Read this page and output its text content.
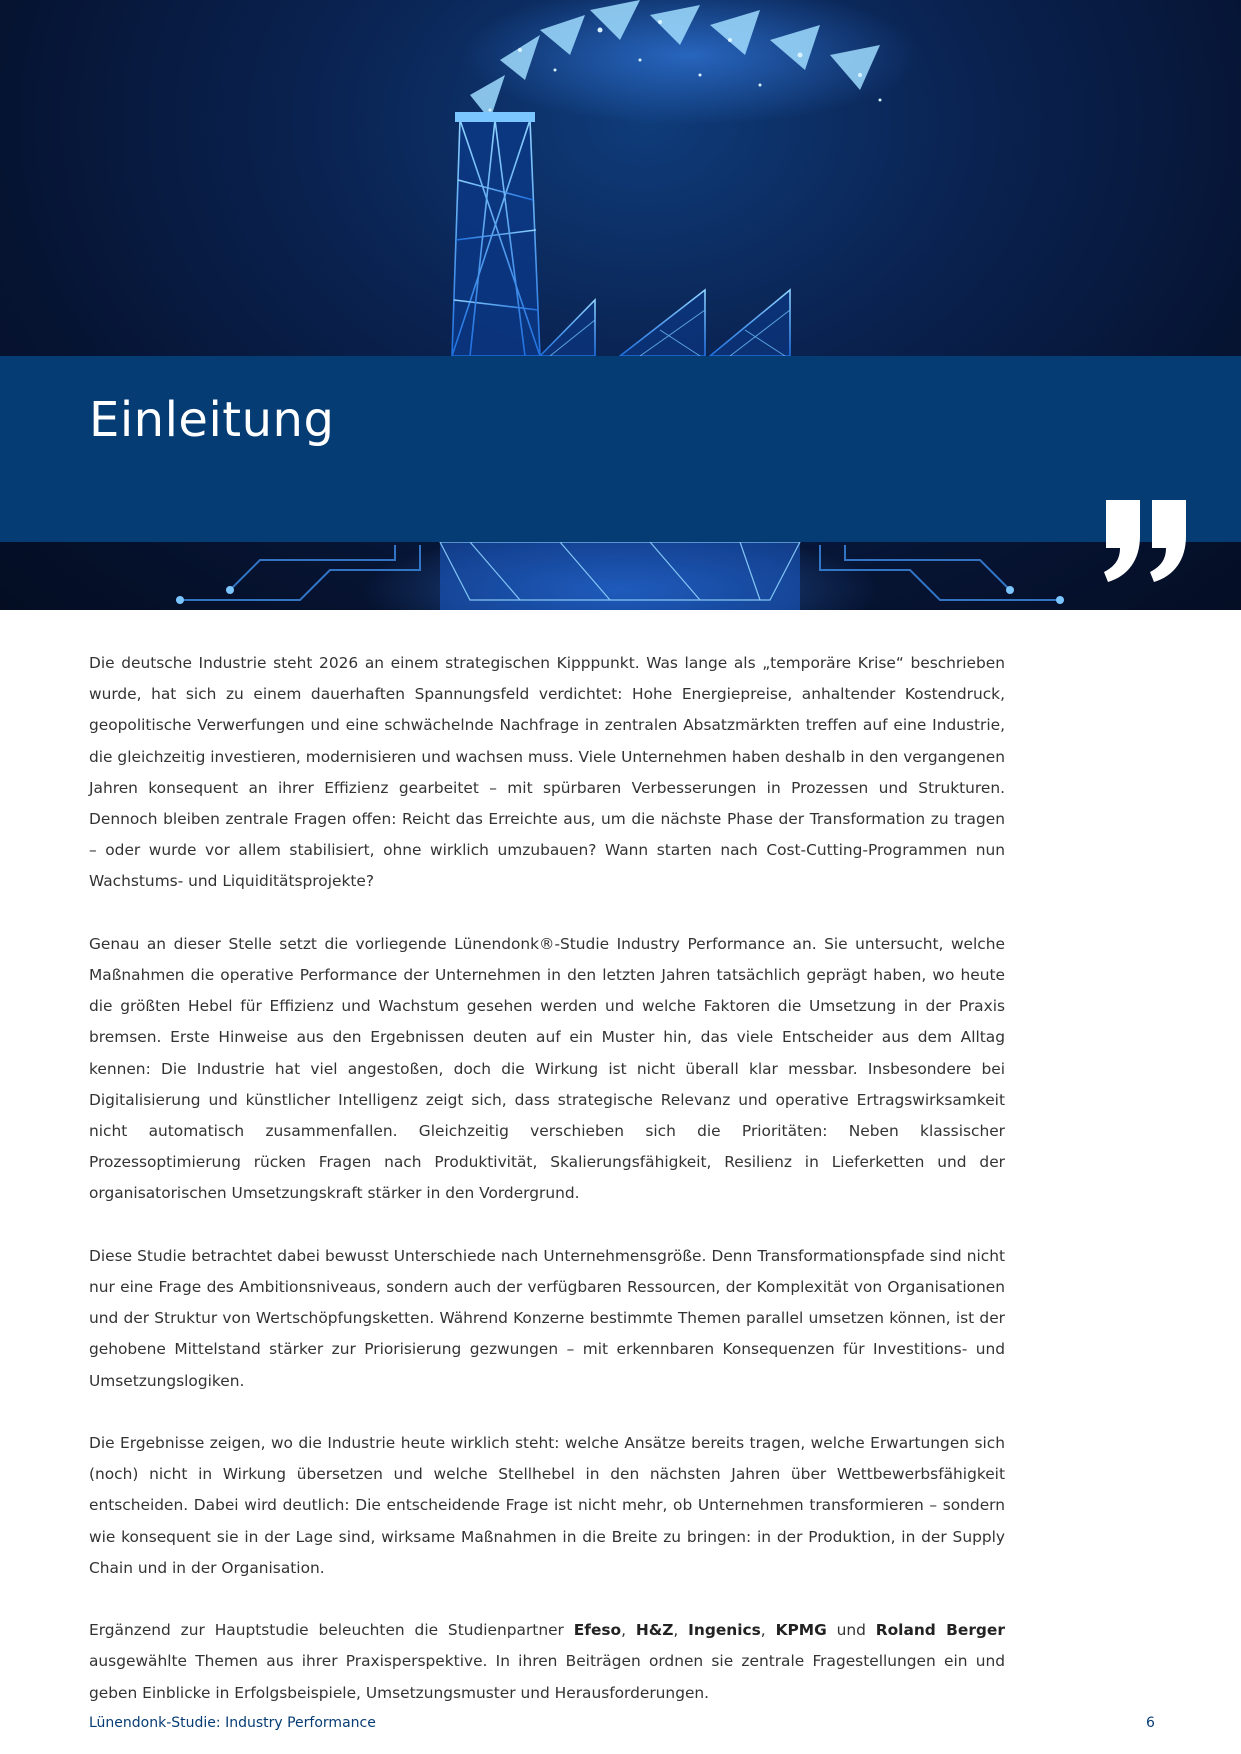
Einleitung

Die deutsche Industrie steht 2026 an einem strategischen Kipppunkt. Was lange als „temporäre Krise“ beschrieben wurde, hat sich zu einem dauerhaften Spannungsfeld verdichtet: Hohe Energiepreise, anhaltender Kostendruck, geopolitische Verwerfungen und eine schwächelnde Nachfrage in zentralen Absatzmärkten treffen auf eine Industrie, die gleichzeitig investieren, modernisieren und wachsen muss. Viele Unternehmen haben deshalb in den vergangenen Jahren konsequent an ihrer Effizienz gearbeitet – mit spürbaren Verbesserungen in Prozessen und Strukturen. Dennoch bleiben zentrale Fragen offen: Reicht das Erreichte aus, um die nächste Phase der Transformation zu tragen – oder wurde vor allem stabilisiert, ohne wirklich umzubauen? Wann starten nach Cost-Cutting-Programmen nun Wachstums- und Liquiditätsprojekte?

Genau an dieser Stelle setzt die vorliegende Lünendonk®-Studie Industry Performance an. Sie untersucht, welche Maßnahmen die operative Performance der Unternehmen in den letzten Jahren tatsächlich geprägt haben, wo heute die größten Hebel für Effizienz und Wachstum gesehen werden und welche Faktoren die Umsetzung in der Praxis bremsen. Erste Hinweise aus den Ergebnissen deuten auf ein Muster hin, das viele Entscheider aus dem Alltag kennen: Die Industrie hat viel angestoßen, doch die Wirkung ist nicht überall klar messbar. Insbesondere bei Digitalisierung und künstlicher Intelligenz zeigt sich, dass strategische Relevanz und operative Ertragswirksamkeit nicht automatisch zusammenfallen. Gleichzeitig verschieben sich die Prioritäten: Neben klassischer Prozessoptimierung rücken Fragen nach Produktivität, Skalierungsfähigkeit, Resilienz in Lieferketten und der organisatorischen Umsetzungskraft stärker in den Vordergrund.

Diese Studie betrachtet dabei bewusst Unterschiede nach Unternehmensgröße. Denn Transformationspfade sind nicht nur eine Frage des Ambitionsniveaus, sondern auch der verfügbaren Ressourcen, der Komplexität von Organisationen und der Struktur von Wertschöpfungsketten. Während Konzerne bestimmte Themen parallel umsetzen können, ist der gehobene Mittelstand stärker zur Priorisierung gezwungen – mit erkennbaren Konsequenzen für Investitions- und Umsetzungslogiken.

Die Ergebnisse zeigen, wo die Industrie heute wirklich steht: welche Ansätze bereits tragen, welche Erwartungen sich (noch) nicht in Wirkung übersetzen und welche Stellhebel in den nächsten Jahren über Wettbewerbsfähigkeit entscheiden. Dabei wird deutlich: Die entscheidende Frage ist nicht mehr, ob Unternehmen transformieren – sondern wie konsequent sie in der Lage sind, wirksame Maßnahmen in die Breite zu bringen: in der Produktion, in der Supply Chain und in der Organisation.

Ergänzend zur Hauptstudie beleuchten die Studienpartner Efeso, H&Z, Ingenics, KPMG und Roland Berger ausgewählte Themen aus ihrer Praxisperspektive. In ihren Beiträgen ordnen sie zentrale Fragestellungen ein und geben Einblicke in Erfolgsbeispiele, Umsetzungsmuster und Herausforderungen.

Lünendonk-Studie: Industry Performance	6
